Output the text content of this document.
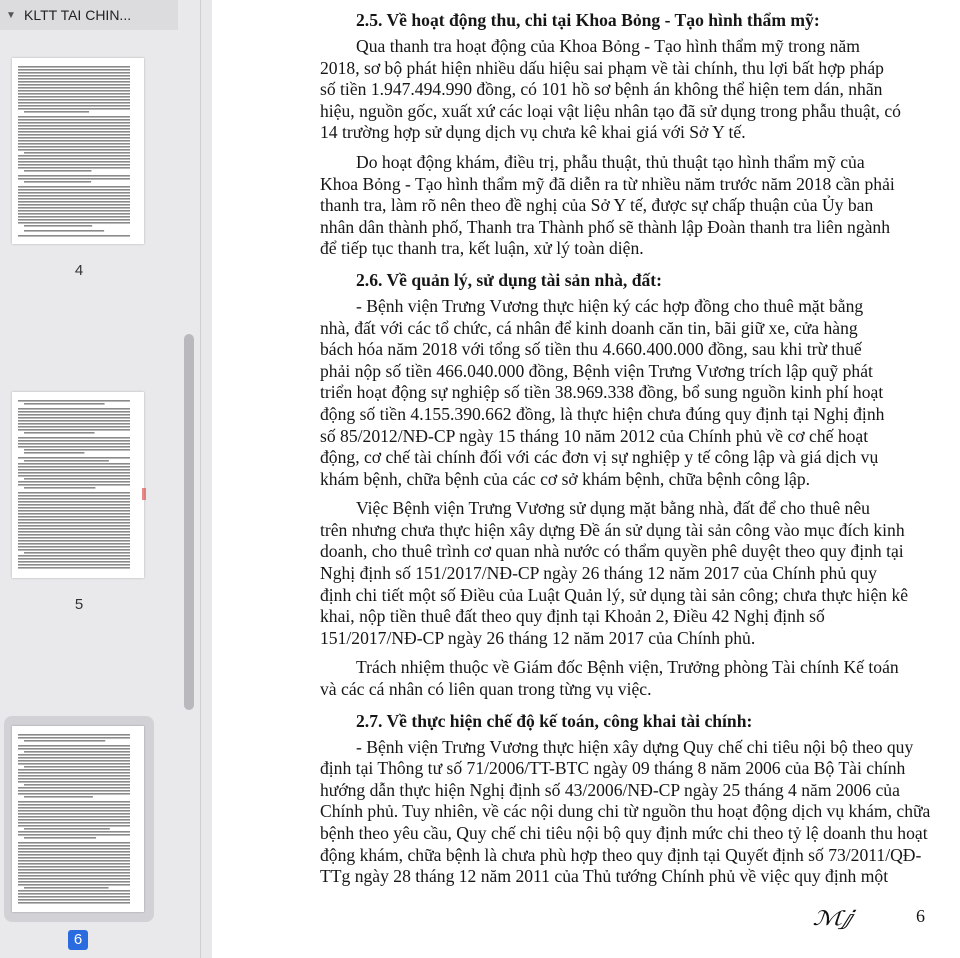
▼ KLTT TAI CHIN...
4
5
6
2.5. Về hoạt động thu, chi tại Khoa Bỏng - Tạo hình thẩm mỹ:
Qua thanh tra hoạt động của Khoa Bỏng - Tạo hình thẩm mỹ trong năm
2018, sơ bộ phát hiện nhiều dấu hiệu sai phạm về tài chính, thu lợi bất hợp pháp
số tiền 1.947.494.990 đồng, có 101 hồ sơ bệnh án không thể hiện tem dán, nhãn
hiệu, nguồn gốc, xuất xứ các loại vật liệu nhân tạo đã sử dụng trong phẫu thuật, có
14 trường hợp sử dụng dịch vụ chưa kê khai giá với Sở Y tế.
Do hoạt động khám, điều trị, phẫu thuật, thủ thuật tạo hình thẩm mỹ của
Khoa Bỏng - Tạo hình thẩm mỹ đã diễn ra từ nhiều năm trước năm 2018 cần phải
thanh tra, làm rõ nên theo đề nghị của Sở Y tế, được sự chấp thuận của Ủy ban
nhân dân thành phố, Thanh tra Thành phố sẽ thành lập Đoàn thanh tra liên ngành
để tiếp tục thanh tra, kết luận, xử lý toàn diện.
2.6. Về quản lý, sử dụng tài sản nhà, đất:
- Bệnh viện Trưng Vương thực hiện ký các hợp đồng cho thuê mặt bằng
nhà, đất với các tổ chức, cá nhân để kinh doanh căn tin, bãi giữ xe, cửa hàng
bách hóa năm 2018 với tổng số tiền thu 4.660.400.000 đồng, sau khi trừ thuế
phải nộp số tiền 466.040.000 đồng, Bệnh viện Trưng Vương trích lập quỹ phát
triển hoạt động sự nghiệp số tiền 38.969.338 đồng, bổ sung nguồn kinh phí hoạt
động số tiền 4.155.390.662 đồng, là thực hiện chưa đúng quy định tại Nghị định
số 85/2012/NĐ-CP ngày 15 tháng 10 năm 2012 của Chính phủ về cơ chế hoạt
động, cơ chế tài chính đối với các đơn vị sự nghiệp y tế công lập và giá dịch vụ
khám bệnh, chữa bệnh của các cơ sở khám bệnh, chữa bệnh công lập.
Việc Bệnh viện Trưng Vương sử dụng mặt bằng nhà, đất để cho thuê nêu
trên nhưng chưa thực hiện xây dựng Đề án sử dụng tài sản công vào mục đích kinh
doanh, cho thuê trình cơ quan nhà nước có thẩm quyền phê duyệt theo quy định tại
Nghị định số 151/2017/NĐ-CP ngày 26 tháng 12 năm 2017 của Chính phủ quy
định chi tiết một số Điều của Luật Quản lý, sử dụng tài sản công; chưa thực hiện kê
khai, nộp tiền thuê đất theo quy định tại Khoản 2, Điều 42 Nghị định số
151/2017/NĐ-CP ngày 26 tháng 12 năm 2017 của Chính phủ.
Trách nhiệm thuộc về Giám đốc Bệnh viện, Trưởng phòng Tài chính Kế toán
và các cá nhân có liên quan trong từng vụ việc.
2.7. Về thực hiện chế độ kế toán, công khai tài chính:
- Bệnh viện Trưng Vương thực hiện xây dựng Quy chế chi tiêu nội bộ theo quy
định tại Thông tư số 71/2006/TT-BTC ngày 09 tháng 8 năm 2006 của Bộ Tài chính
hướng dẫn thực hiện Nghị định số 43/2006/NĐ-CP ngày 25 tháng 4 năm 2006 của
Chính phủ. Tuy nhiên, về các nội dung chi từ nguồn thu hoạt động dịch vụ khám, chữa
bệnh theo yêu cầu, Quy chế chi tiêu nội bộ quy định mức chi theo tỷ lệ doanh thu hoạt
động khám, chữa bệnh là chưa phù hợp theo quy định tại Quyết định số 73/2011/QĐ-
TTg ngày 28 tháng 12 năm 2011 của Thủ tướng Chính phủ về việc quy định một
ℳⅉ	6
